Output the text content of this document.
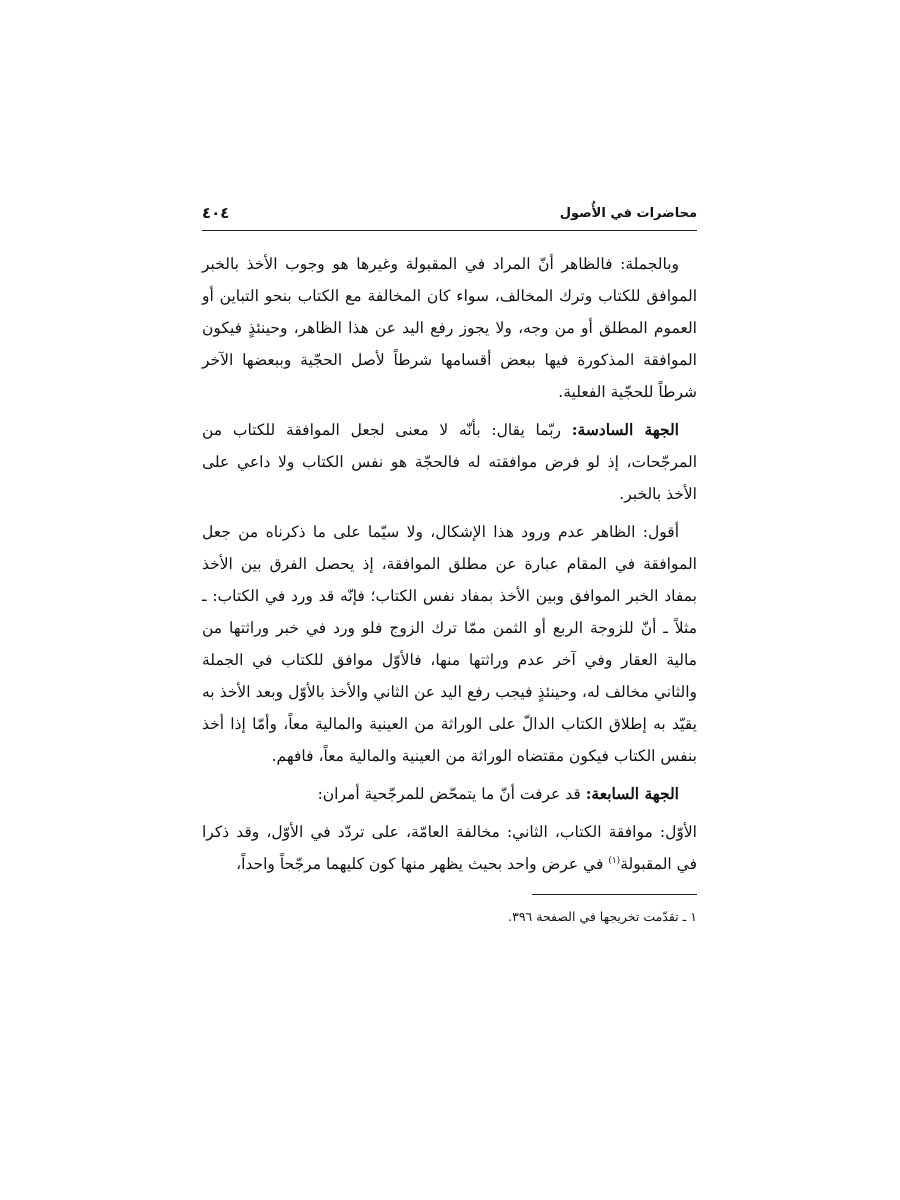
محاضرات في الأُصول
٤٠٤

وبالجملة: فالظاهر أنّ المراد في المقبولة وغيرها هو وجوب الأخذ بالخبر الموافق للكتاب وترك المخالف، سواء كان المخالفة مع الكتاب بنحو التباين أو العموم المطلق أو من وجه، ولا يجوز رفع اليد عن هذا الظاهر، وحينئذٍ فيكون الموافقة المذكورة فيها ببعض أقسامها شرطاً لأصل الحجّية وببعضها الآخر شرطاً للحجّية الفعلية.

الجهة السادسة: ربّما يقال: بأنّه لا معنى لجعل الموافقة للكتاب من المرجّحات، إذ لو فرض موافقته له فالحجّة هو نفس الكتاب ولا داعي على الأخذ بالخبر.

أقول: الظاهر عدم ورود هذا الإشكال، ولا سيّما على ما ذكرناه من جعل الموافقة في المقام عبارة عن مطلق الموافقة، إذ يحصل الفرق بين الأخذ بمفاد الخبر الموافق وبين الأخذ بمفاد نفس الكتاب؛ فإنّه قد ورد في الكتاب: ـ مثلاً ـ أنّ للزوجة الربع أو الثمن ممّا ترك الزوج فلو ورد في خبر وراثتها من مالية العقار وفي آخر عدم وراثتها منها، فالأوّل موافق للكتاب في الجملة والثاني مخالف له، وحينئذٍ فيجب رفع اليد عن الثاني والأخذ بالأوّل وبعد الأخذ به يقيّد به إطلاق الكتاب الدالّ على الوراثة من العينية والمالية معاً، وأمّا إذا أخذ بنفس الكتاب فيكون مقتضاه الوراثة من العينية والمالية معاً، فافهم.

الجهة السابعة: قد عرفت أنّ ما يتمحّض للمرجّحية أمران:

الأوّل: موافقة الكتاب، الثاني: مخالفة العامّة، على تردّد في الأوّل، وقد ذكرا في المقبولة$^{(١)}$ في عرض واحد بحيث يظهر منها كون كليهما مرجّحاً واحداً،

١ ـ تقدّمت تخريجها في الصفحة ٣٩٦.
